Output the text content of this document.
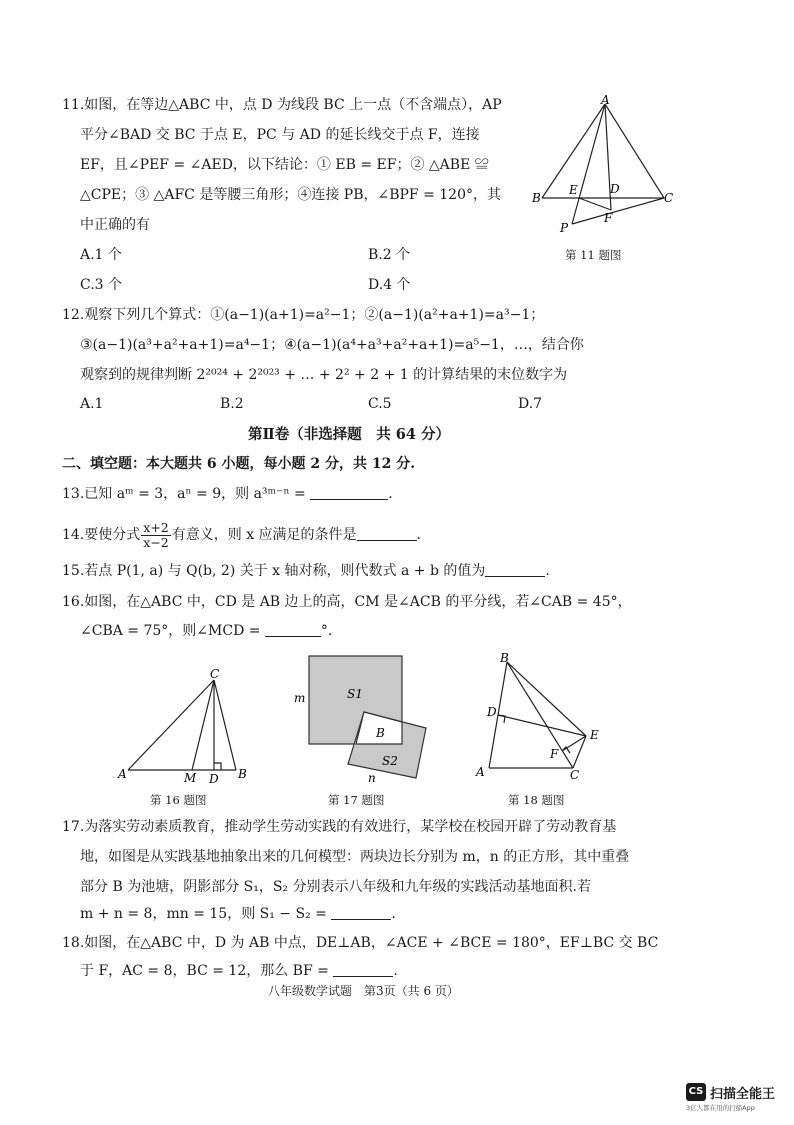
11.如图，在等边△ABC 中，点 D 为线段 BC 上一点（不含端点），AP
平分∠BAD 交 BC 于点 E，PC 与 AD 的延长线交于点 F，连接
EF，且∠PEF = ∠AED，以下结论：① EB = EF；② △ABE ≌
△CPE；③ △AFC 是等腰三角形；④连接 PB，∠BPF = 120°，其
中正确的有
A.1 个	B.2 个
C.3 个	D.4 个
A
B
E	D
C
P
F
第 11 题图
12.观察下列几个算式：①(a−1)(a+1)=a²−1；②(a−1)(a²+a+1)=a³−1；
③(a−1)(a³+a²+a+1)=a⁴−1；④(a−1)(a⁴+a³+a²+a+1)=a⁵−1，…，结合你
观察到的规律判断 2²⁰²⁴ + 2²⁰²³ + … + 2² + 2 + 1 的计算结果的末位数字为
A.1	B.2	C.5	D.7
第Ⅱ卷（非选择题　共 64 分）
二、填空题：本大题共 6 小题，每小题 2 分，共 12 分.
13.已知 aᵐ = 3，aⁿ = 9，则 a³ᵐ⁻ⁿ =	.
14.要使分式 $\frac{x+2}{x-2}$ 有意义，则 x 应满足的条件是	.
15.若点 P(1, a) 与 Q(b, 2) 关于 x 轴对称，则代数式 a + b 的值为	.
16.如图，在△ABC 中，CD 是 AB 边上的高，CM 是∠ACB 的平分线，若∠CAB = 45°，
∠CBA = 75°，则∠MCD =	°.
C
A	M D B
第 16 题图
m	S1
B
S2
n
第 17 题图
B
D
E
F
A	C
第 18 题图
17.为落实劳动素质教育，推动学生劳动实践的有效进行，某学校在校园开辟了劳动教育基
地，如图是从实践基地抽象出来的几何模型：两块边长分别为 m，n 的正方形，其中重叠
部分 B 为池塘，阴影部分 S₁，S₂ 分别表示八年级和九年级的实践活动基地面积.若
m + n = 8，mn = 15，则 S₁ − S₂ =	.
18.如图，在△ABC 中，D 为 AB 中点，DE⊥AB，∠ACE + ∠BCE = 180°，EF⊥BC 交 BC
于 F，AC = 8，BC = 12，那么 BF =	.
八年级数学试题　第3页（共 6 页）
CS 扫描全能王
3亿人都在用的扫描App
